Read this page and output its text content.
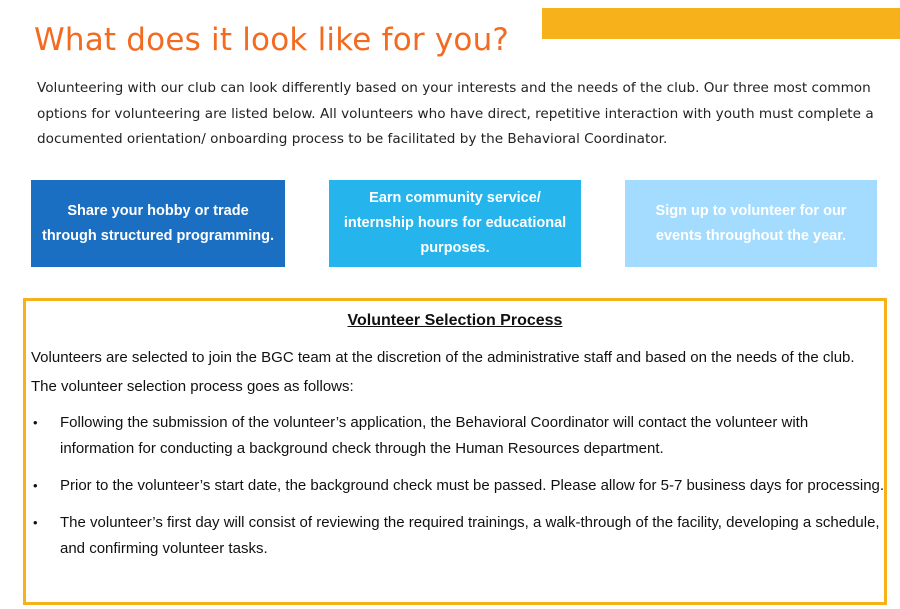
What does it look like for you?

Volunteering with our club can look differently based on your interests and the needs of the club. Our three most common options for volunteering are listed below. All volunteers who have direct, repetitive interaction with youth must complete a documented orientation/ onboarding process to be facilitated by the Behavioral Coordinator.

Share your hobby or trade through structured programming.
Earn community service/ internship hours for educational purposes.
Sign up to volunteer for our events throughout the year.
Volunteer Selection Process

Volunteers are selected to join the BGC team at the discretion of the administrative staff and based on the needs of the club. The volunteer selection process goes as follows:

• Following the submission of the volunteer’s application, the Behavioral Coordinator will contact the volunteer with information for conducting a background check through the Human Resources department.
• Prior to the volunteer’s start date, the background check must be passed. Please allow for 5-7 business days for processing.
• The volunteer’s first day will consist of reviewing the required trainings, a walk-through of the facility, developing a schedule, and confirming volunteer tasks.
